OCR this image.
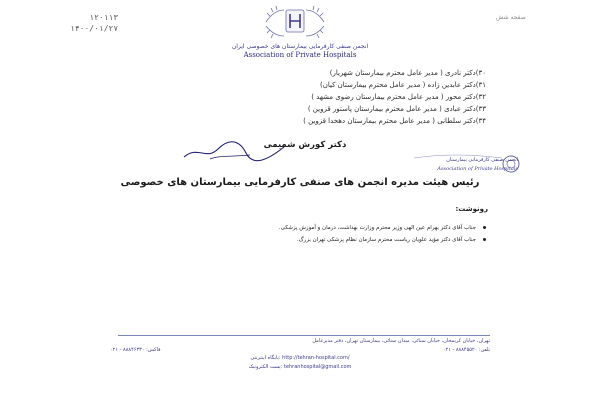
۱۲۰۱۱۳
۱۴۰۰/۰۱/۲۷
صفحه شش
انجمن صنفی کارفرمایی بیمارستان های خصوصی ایران
Association of Private Hospitals
۳۰)دکتر نادری ( مدیر عامل محترم بیمارستان شهریار)
۳۱)دکتر عابدین زاده ( مدیر عامل محترم بیمارستان کیان)
۳۲)دکتر محور ( مدیر عامل محترم بیمارستان رضوی مشهد )
۳۳)دکتر عبادی ( مدیر عامل محترم بیمارستان پاستور قزوین )
۳۴)دکتر سلطانی ( مدیر عامل محترم بیمارستان دهخدا قزوین )
دکتر کورش شمیمی
انجمن صنفی کارفرمایی بیمارستان
Association of Private Hospitals
رئیس هیئت مدیره انجمن های صنفی کارفرمایی بیمارستان های خصوصی
رونوشت:
جناب آقای دکتر بهرام عین الهی وزیر محترم وزارت بهداشت، درمان و آموزش پزشکی.
جناب آقای دکتر مؤید علویان ریاست محترم سازمان نظام پزشکی تهران بزرگ.
تهران، خیابان کریمخان، خیابان سنائی، میدان سنائی، بیمارستان تهران، دفتر مدیرعامل
تلفن: ۸۸۸۴۵۵۲۰ - ۰۲۱
فاکس: ۸۸۸۴۶۳۳۰ - ۰۲۱
پایگاه اینترنتی: http://tehran-hospital.com/
پست الکترونیک: tehranhospital@gmail.com
